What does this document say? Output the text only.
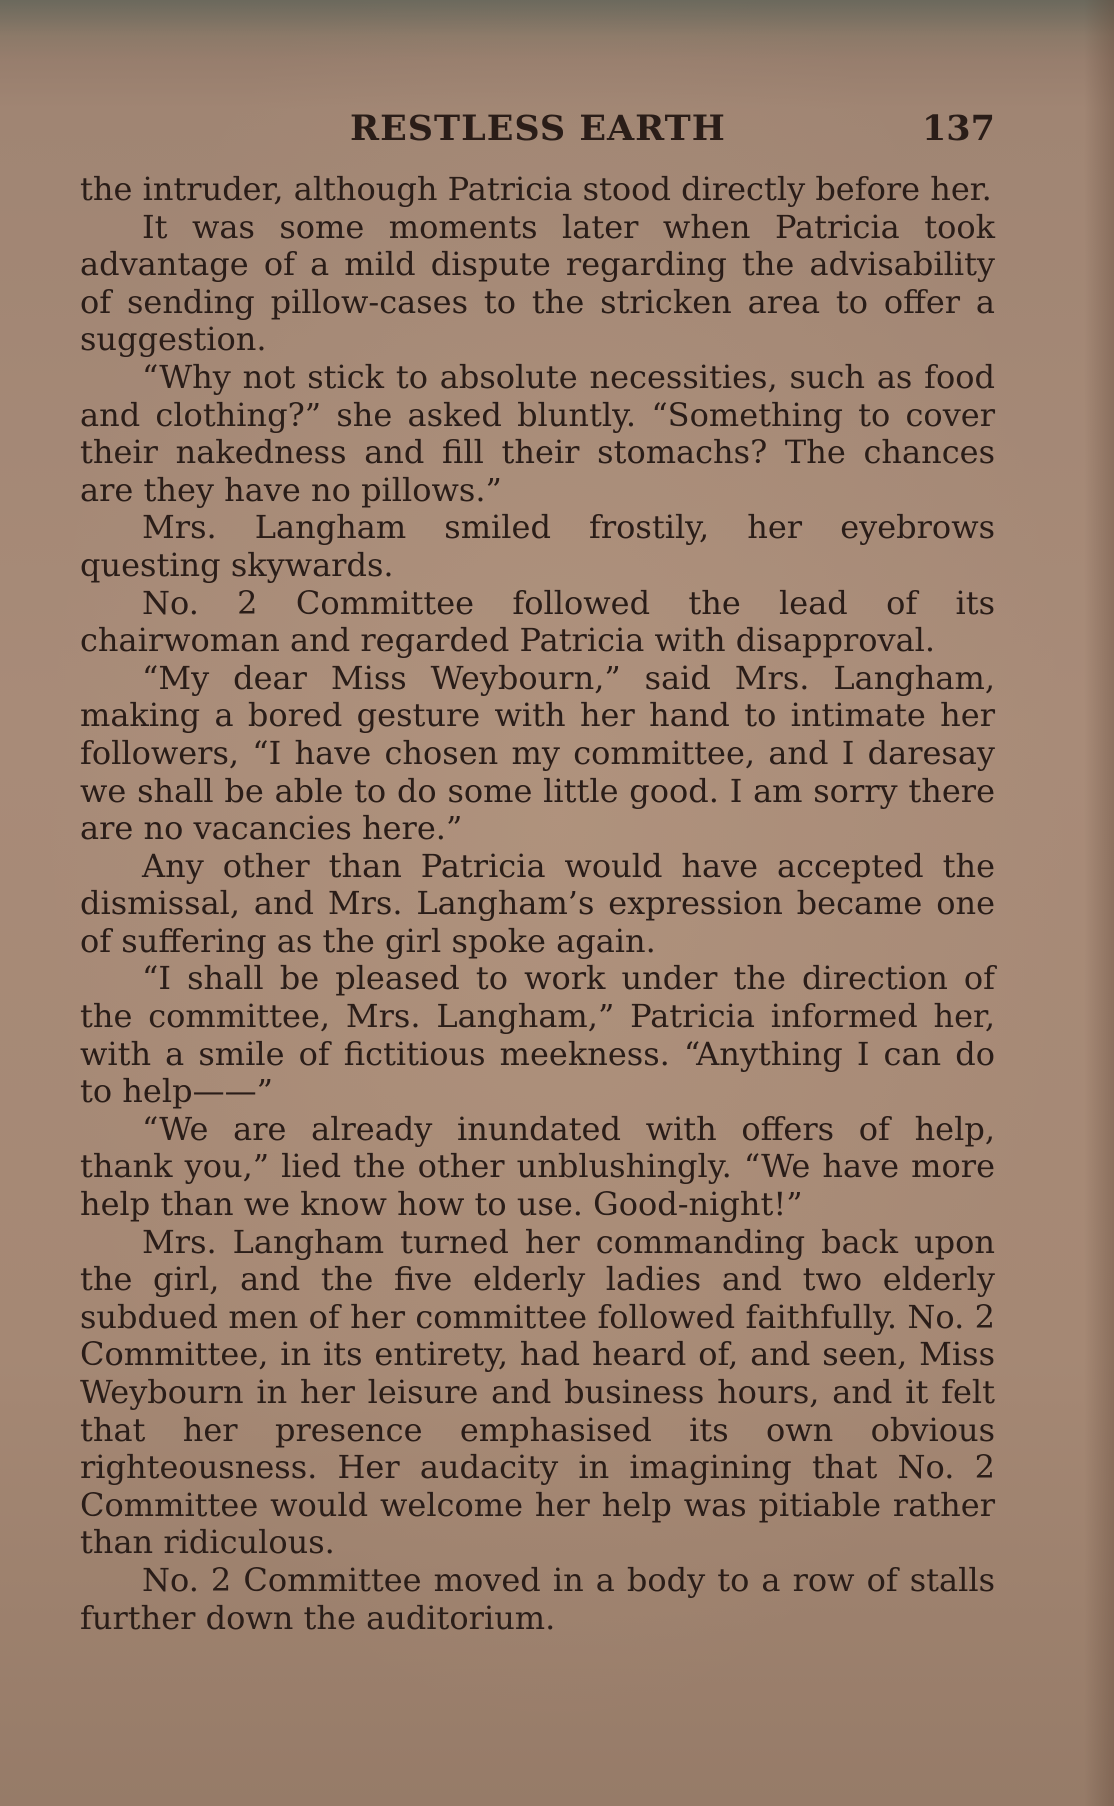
RESTLESS EARTH	137

the intruder, although Patricia stood directly before her.

It was some moments later when Patricia took advantage of a mild dispute regarding the advisability of sending pillow-cases to the stricken area to offer a suggestion.

“Why not stick to absolute necessities, such as food and clothing?” she asked bluntly. “Something to cover their nakedness and fill their stomachs? The chances are they have no pillows.”

Mrs. Langham smiled frostily, her eyebrows questing skywards.

No. 2 Committee followed the lead of its chairwoman and regarded Patricia with disapproval.

“My dear Miss Weybourn,” said Mrs. Langham, making a bored gesture with her hand to intimate her followers, “I have chosen my committee, and I daresay we shall be able to do some little good. I am sorry there are no vacancies here.”

Any other than Patricia would have accepted the dismissal, and Mrs. Langham’s expression became one of suffering as the girl spoke again.

“I shall be pleased to work under the direction of the committee, Mrs. Langham,” Patricia informed her, with a smile of fictitious meekness. “Anything I can do to help——”

“We are already inundated with offers of help, thank you,” lied the other unblushingly. “We have more help than we know how to use. Good-night!”

Mrs. Langham turned her commanding back upon the girl, and the five elderly ladies and two elderly subdued men of her committee followed faithfully. No. 2 Committee, in its entirety, had heard of, and seen, Miss Weybourn in her leisure and business hours, and it felt that her presence emphasised its own obvious righteousness. Her audacity in imagining that No. 2 Committee would welcome her help was pitiable rather than ridiculous.

No. 2 Committee moved in a body to a row of stalls further down the auditorium.
